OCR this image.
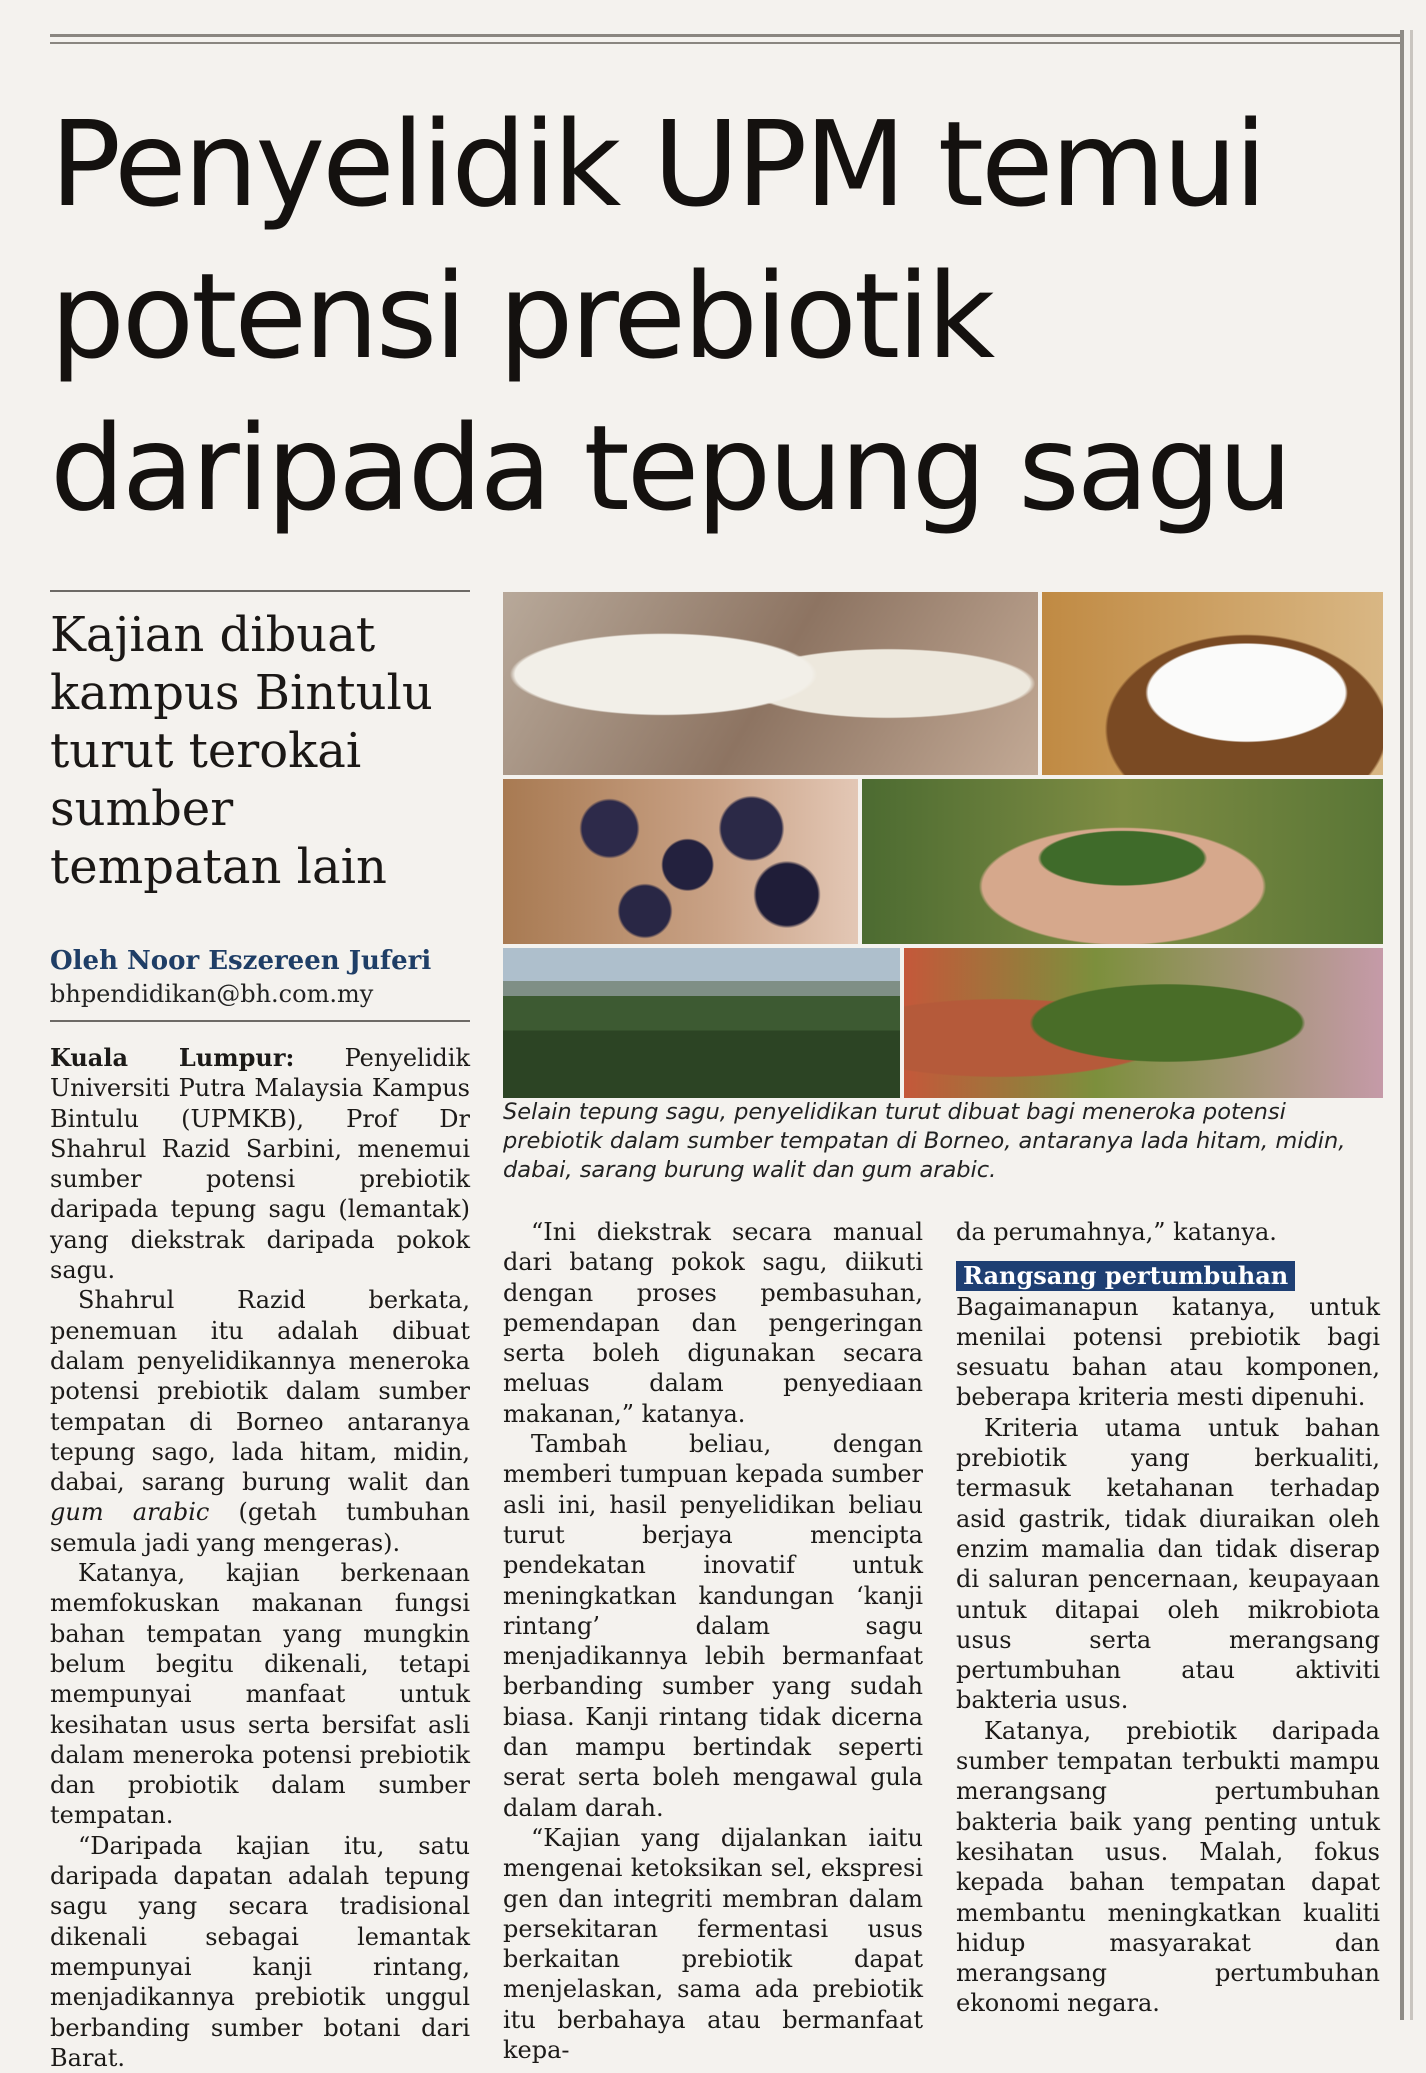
Penyelidik UPM temui
potensi prebiotik
daripada tepung sagu
Kajian dibuat kampus Bintulu turut terokai sumber tempatan lain
Oleh Noor Eszereen Juferi
bhpendidikan@bh.com.my
Selain tepung sagu, penyelidikan turut dibuat bagi meneroka potensi prebiotik dalam sumber tempatan di Borneo, antaranya lada hitam, midin, dabai, sarang burung walit dan gum arabic.

Kuala Lumpur: Penyelidik Universiti Putra Malaysia Kampus Bintulu (UPMKB), Prof Dr Shahrul Razid Sarbini, menemui sumber potensi prebiotik daripada tepung sagu (lemantak) yang diekstrak daripada pokok sagu.

Shahrul Razid berkata, penemuan itu adalah dibuat dalam penyelidikannya meneroka potensi prebiotik dalam sumber tempatan di Borneo antaranya tepung sago, lada hitam, midin, dabai, sarang burung walit dan gum arabic (getah tumbuhan semula jadi yang mengeras).

Katanya, kajian berkenaan memfokuskan makanan fungsi bahan tempatan yang mungkin belum begitu dikenali, tetapi mempunyai manfaat untuk kesihatan usus serta bersifat asli dalam meneroka potensi prebiotik dan probiotik dalam sumber tempatan.

“Daripada kajian itu, satu daripada dapatan adalah tepung sagu yang secara tradisional dikenali sebagai lemantak mempunyai kanji rintang, menjadikannya prebiotik unggul berbanding sumber botani dari Barat.

“Ini diekstrak secara manual dari batang pokok sagu, diikuti dengan proses pembasuhan, pemendapan dan pengeringan serta boleh digunakan secara meluas dalam penyediaan makanan,” katanya.

Tambah beliau, dengan memberi tumpuan kepada sumber asli ini, hasil penyelidikan beliau turut berjaya mencipta pendekatan inovatif untuk meningkatkan kandungan ‘kanji rintang’ dalam sagu menjadikannya lebih bermanfaat berbanding sumber yang sudah biasa. Kanji rintang tidak dicerna dan mampu bertindak seperti serat serta boleh mengawal gula dalam darah.

“Kajian yang dijalankan iaitu mengenai ketoksikan sel, ekspresi gen dan integriti membran dalam persekitaran fermentasi usus berkaitan prebiotik dapat menjelaskan, sama ada prebiotik itu berbahaya atau bermanfaat kepa-

da perumahnya,” katanya.

Rangsang pertumbuhan

Bagaimanapun katanya, untuk menilai potensi prebiotik bagi sesuatu bahan atau komponen, beberapa kriteria mesti dipenuhi.

Kriteria utama untuk bahan prebiotik yang berkualiti, termasuk ketahanan terhadap asid gastrik, tidak diuraikan oleh enzim mamalia dan tidak diserap di saluran pencernaan, keupayaan untuk ditapai oleh mikrobiota usus serta merangsang pertumbuhan atau aktiviti bakteria usus.

Katanya, prebiotik daripada sumber tempatan terbukti mampu merangsang pertumbuhan bakteria baik yang penting untuk kesihatan usus. Malah, fokus kepada bahan tempatan dapat membantu meningkatkan kualiti hidup masyarakat dan merangsang pertumbuhan ekonomi negara.
